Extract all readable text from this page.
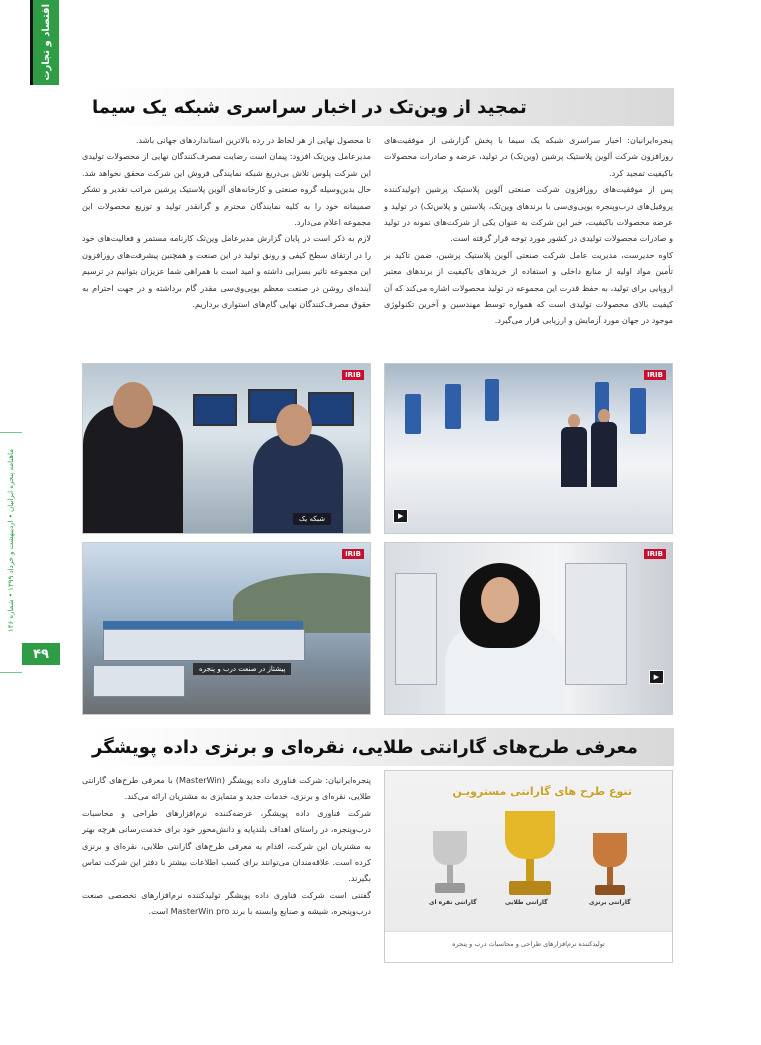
اقتصاد و تجارت
ماهنامه پنجره ایرانیان • اردیبهشت و خرداد ۱۳۹۹ • شماره ۱۴۶
۴۹
تمجید از وین‌تک در اخبار سراسری شبکه یک سیما

پنجره‌ایرانیان: اخبار سراسری شبکه یک سیما با پخش گزارشی از موفقیت‌های روزافزون شرکت آلوین پلاستیک پرشین (وین‌تک) در تولید، عرضه و صادرات محصولات باکیفیت تمجید کرد.

پس از موفقیت‌های روزافزون شرکت صنعتی آلوین پلاستیک پرشین (تولیدکننده پروفیل‌های درب‌وپنجره یو‌پی‌وی‌سی با برندهای وین‌تک، پلاستین و پلاس‌تک) در تولید و عرضه محصولات باکیفیت، خبر این شرکت به عنوان یکی از شرکت‌های نمونه در تولید و صادرات محصولات تولیدی در کشور مورد توجه قرار گرفته است.

کاوه حدیرست، مدیریت عامل شرکت صنعتی آلوین پلاستیک پرشین، ضمن تاکید بر تأمین مواد اولیه از منابع داخلی و استفاده از خریدهای باکیفیت از برندهای معتبر اروپایی برای تولید، به حفظ قدرت این مجموعه در تولید محصولات اشاره می‌کند که آن کیفیت بالای محصولات تولیدی است که همواره توسط مهندسین و آخرین تکنولوژی موجود در جهان مورد آزمایش و ارزیابی قرار می‌گیرد.

تا محصول نهایی از هر لحاظ در رده بالاترین استانداردهای جهانی باشد.

مدیرعامل وین‌تک افزود: پیمان است رضایت مصرف‌کنندگان نهایی از محصولات تولیدی این شرکت پلوس تلاش بی‌دریغ شبکه نمایندگی فروش این شرکت محقق نخواهد شد. حال بدین‌وسیله گروه صنعتی و کارخانه‌های آلوین پلاستیک پرشین مراتب تقدیر و تشکر صمیمانه خود را به کلیه نمایندگان محترم و گرانقدر تولید و توزیع محصولات این مجموعه اعلام می‌دارد.

لازم به ذکر است در پایان گزارش مدیرعامل وین‌تک کارنامه مستمر و فعالیت‌های خود را در ارتقای سطح کیفی و رونق تولید در این صنعت و همچنین پیشرفت‌های روزافزون این مجموعه تاثیر بسزایی داشته و امید است با همراهی شما عزیزان بتوانیم در ترسیم آینده‌ای روشن در صنعت معظم یو‌پی‌وی‌سی مقدر گام برداشته و در جهت احترام به حقوق مصرف‌کنندگان نهایی گام‌های استواری برداریم.

IRIB
▶
IRIB
شبکه یک
IRIB
▶
IRIB
پیشتاز در صنعت درب و پنجره
معرفی طرح‌های گارانتی طلایی، نقره‌ای و برنزی داده پویشگر

پنجره‌ایرانیان: شرکت فناوری داده پویشگر (MasterWin) با معرفی طرح‌های گارانتی طلایی، نقره‌ای و برنزی، خدمات جدید و متمایزی به مشتریان ارائه می‌کند.

شرکت فناوری داده پویشگر، عرضه‌کننده نرم‌افزارهای طراحی و محاسبات درب‌وپنجره، در راستای اهداف بلندپایه و دانش‌محور خود برای خدمت‌رسانی هرچه بهتر به مشتریان این شرکت، اقدام به معرفی طرح‌های گارانتی طلایی، نقره‌ای و برنزی کرده است. علاقه‌مندان می‌توانند برای کسب اطلاعات بیشتر با دفتر این شرکت تماس بگیرند.

گفتنی است شرکت فناوری داده پویشگر تولیدکننده نرم‌افزارهای تخصصی صنعت درب‌وپنجره، شیشه و صنایع وابسته با برند MasterWin pro است.

تنوع طرح های گارانتی مسترویـن
گارانتی نقره ای	گارانتی طلایی	گارانتی برنزی
تولیدکننده نرم‌افزارهای طراحی و محاسبات درب و پنجره
